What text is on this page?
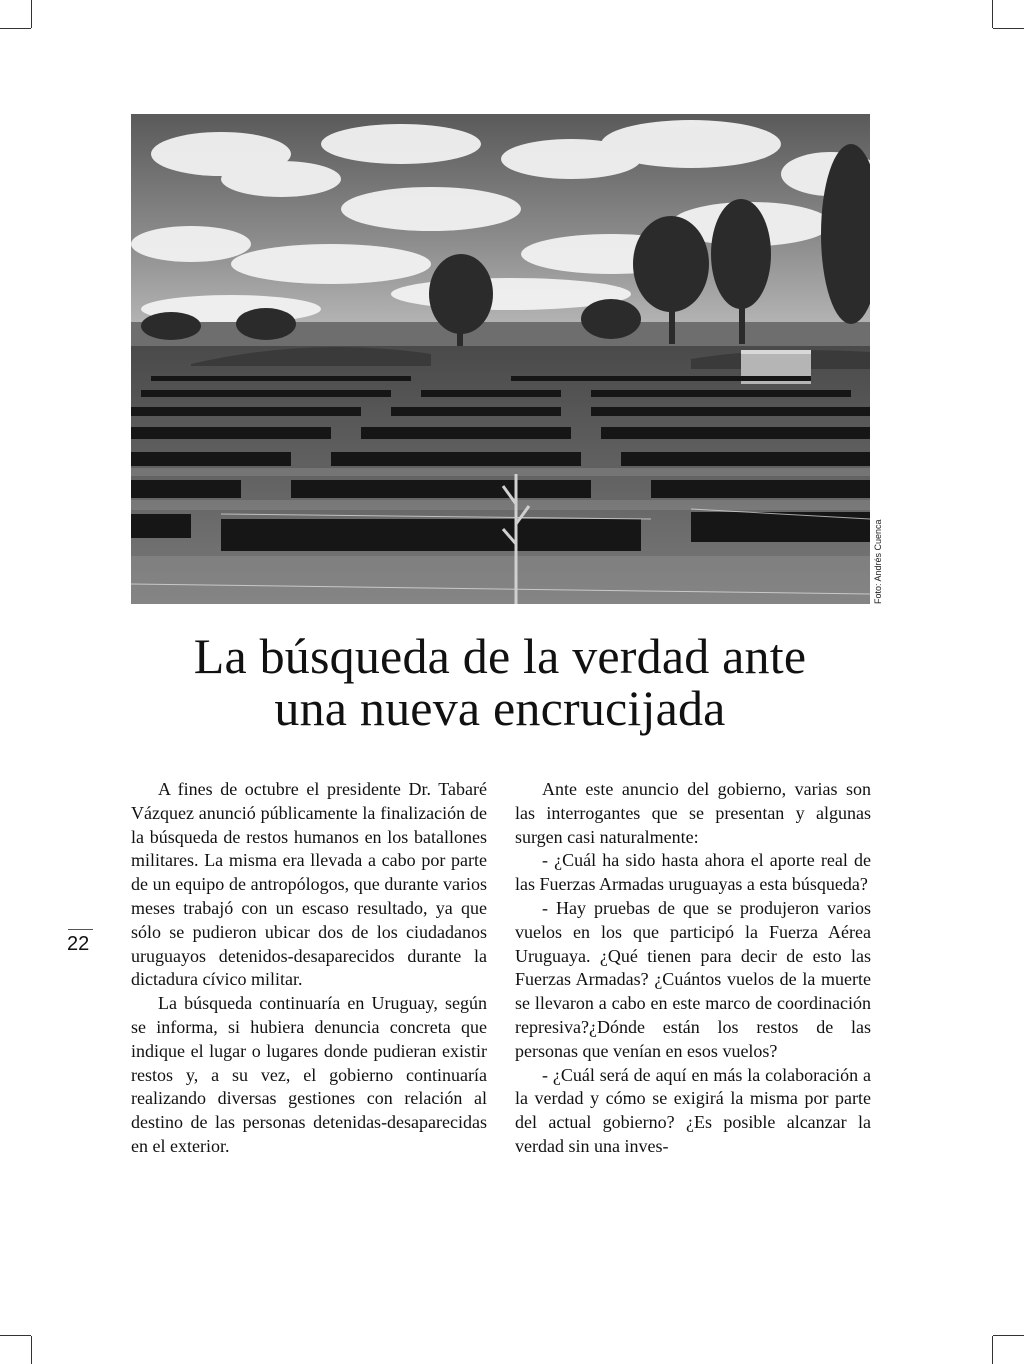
Foto: Andrés Cuenca
La búsqueda de la verdad ante
una nueva encrucijada

A fines de octubre el presidente Dr. Tabaré Vázquez anunció públicamente la finalización de la búsqueda de restos humanos en los batallones militares. La misma era llevada a cabo por parte de un equipo de antropólogos, que durante varios meses trabajó con un escaso resultado, ya que sólo se pudieron ubicar dos de los ciudadanos uruguayos detenidos-desaparecidos durante la dictadura cívico militar.

La búsqueda continuaría en Uruguay, según se informa, si hubiera denuncia concreta que indique el lugar o lugares donde pudieran existir restos y, a su vez, el gobierno continuaría realizando diversas gestiones con relación al destino de las personas detenidas-desaparecidas en el exterior.

Ante este anuncio del gobierno, varias son las interrogantes que se presentan y algunas surgen casi naturalmente:

- ¿Cuál ha sido hasta ahora el aporte real de las Fuerzas Armadas uruguayas a esta búsqueda?

- Hay pruebas de que se produjeron varios vuelos en los que participó la Fuerza Aérea Uruguaya. ¿Qué tienen para decir de esto las Fuerzas Armadas? ¿Cuántos vuelos de la muerte se llevaron a cabo en este marco de coordinación represiva?¿Dónde están los restos de las personas que venían en esos vuelos?

- ¿Cuál será de aquí en más la colaboración a la verdad y cómo se exigirá la misma por parte del actual gobierno? ¿Es posible alcanzar la verdad sin una inves-

22
